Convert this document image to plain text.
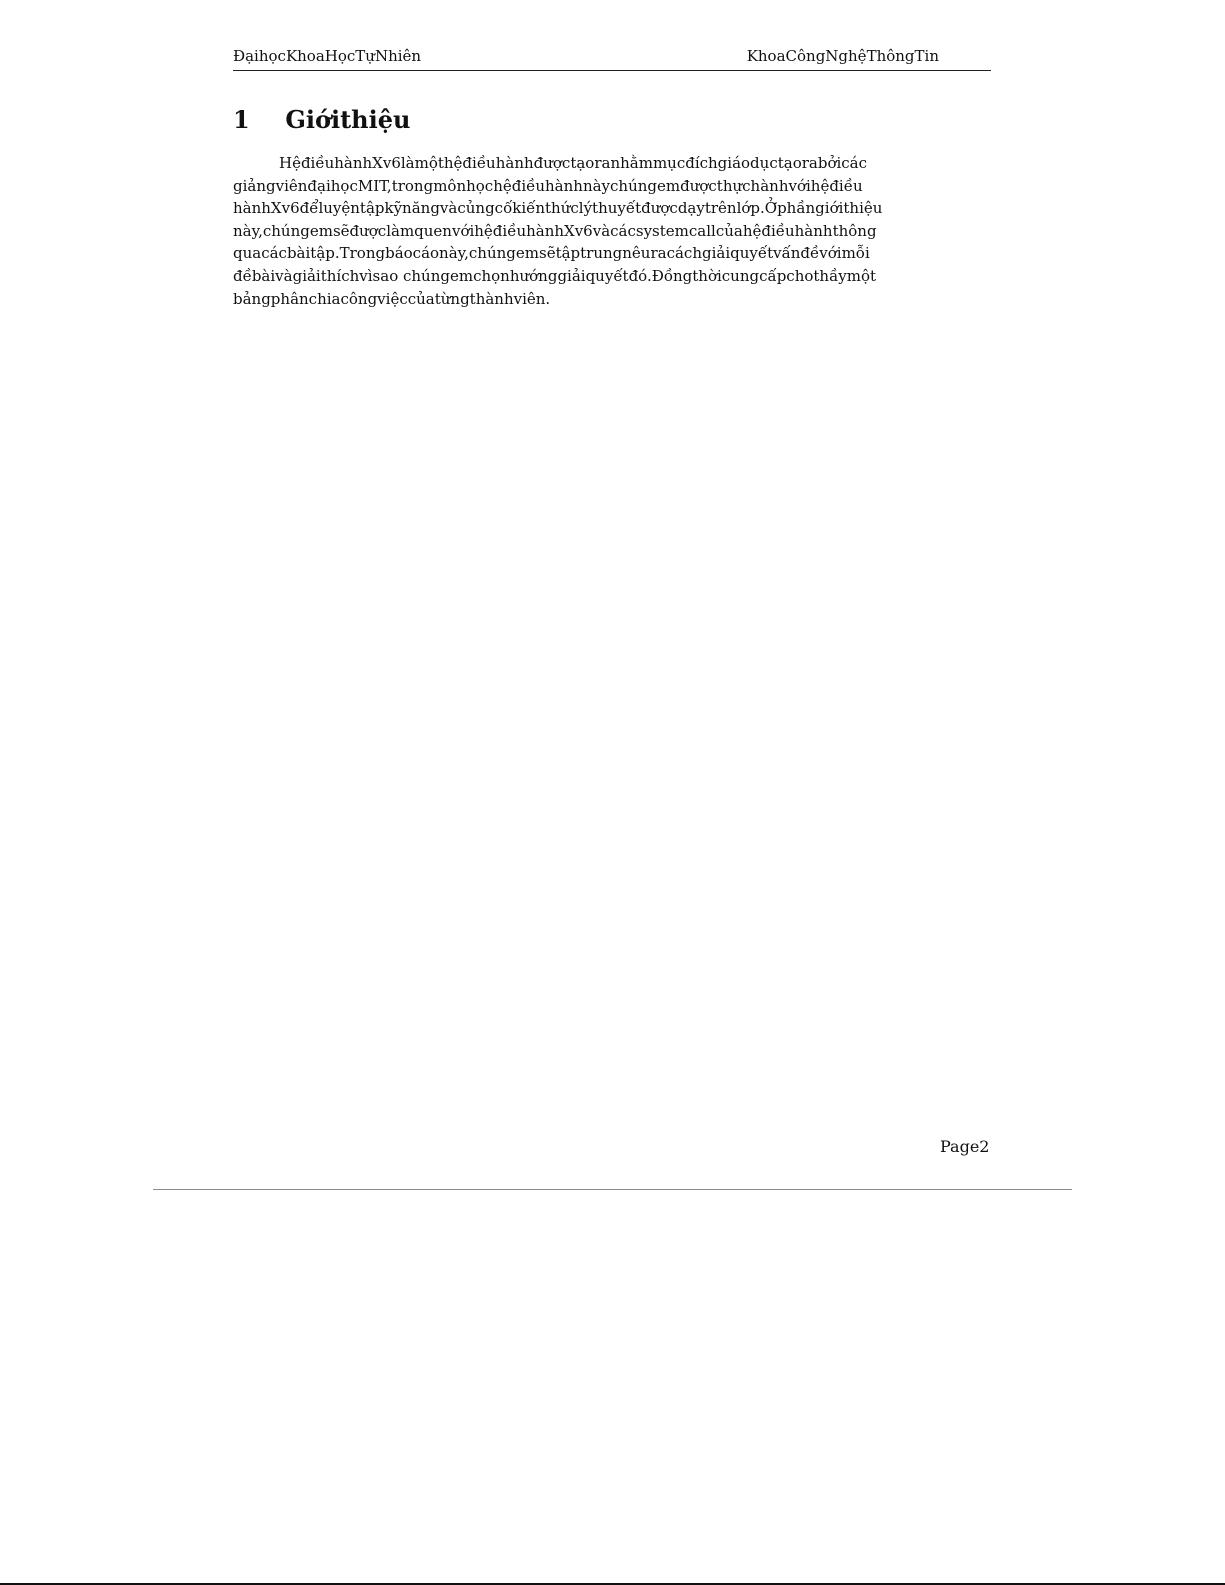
ĐạihọcKhoaHọcTựNhiên	KhoaCôngNghệThôngTin
1 Giớithiệu
HệđiềuhànhXv6làmộthệđiềuhànhđượctạoranhằmmụcđíchgiáodụctạorabởicác
giảngviênđạihọcMIT,trongmônhọchệđiềuhànhnàychúngemđượcthựchànhvớihệđiều
hànhXv6đểluyệntậpkỹnăngvàcủngcốkiếnthứclýthuyếtđượcdạytrênlớp.Ởphầngiớithiệu
này,chúngemsẽđượclàmquenvớihệđiềuhànhXv6vàcácsystemcallcủahệđiềuhànhthông
quacácbàitập.Trongbáocáonày,chúngemsẽtậptrungnêuracáchgiảiquyếtvấnđềvớimỗi
đềbàivàgiảithíchvìsao chúngemchọnhướnggiảiquyếtđó.Đồngthờicungcấpchothầymột
bảngphânchiacôngviệccủatừngthànhviên.
Page2
